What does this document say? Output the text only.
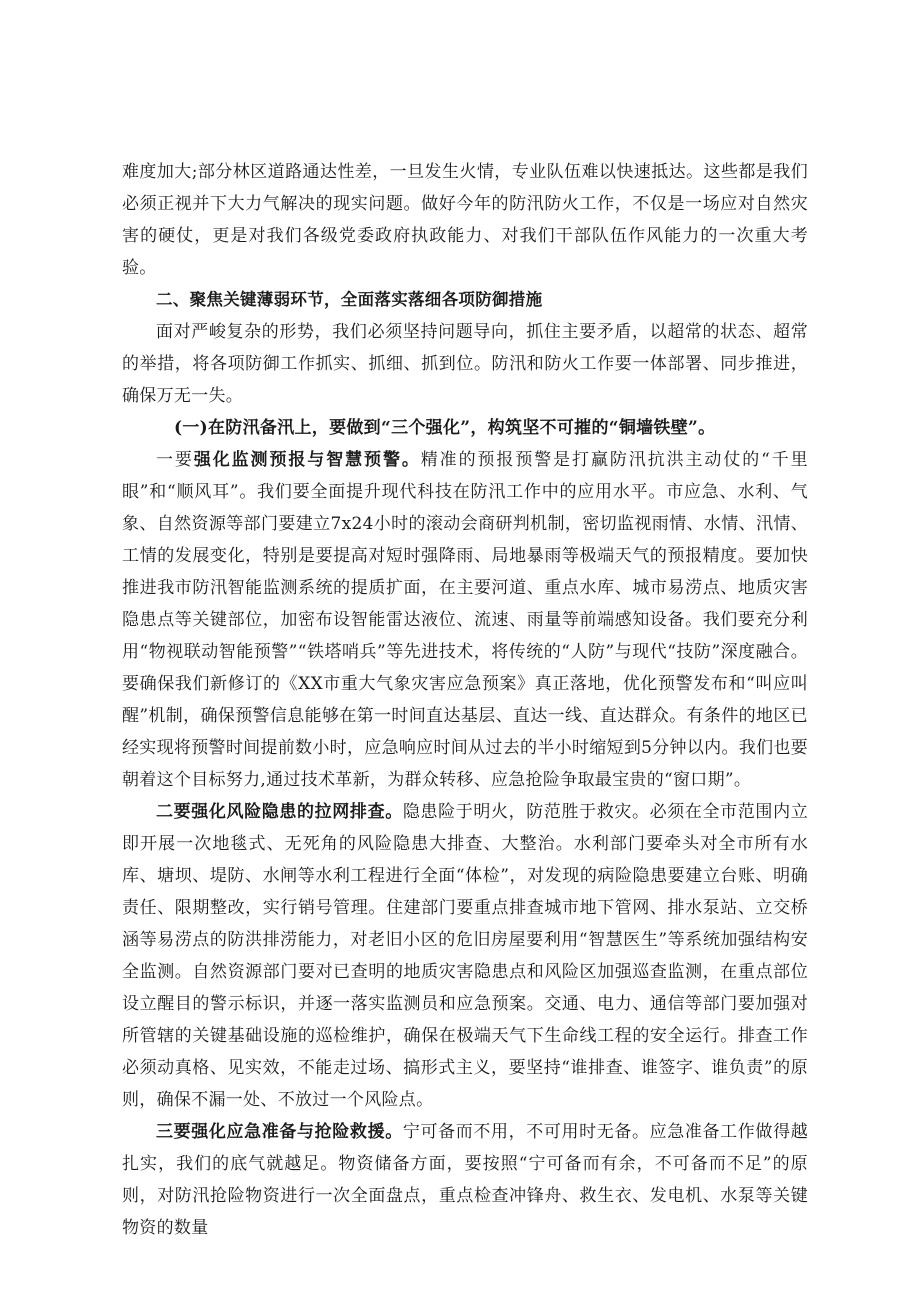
难度加大;部分林区道路通达性差，一旦发生火情，专业队伍难以快速抵达。这些都是我们必须正视并下大力气解决的现实问题。做好今年的防汛防火工作，不仅是一场应对自然灾害的硬仗，更是对我们各级党委政府执政能力、对我们干部队伍作风能力的一次重大考验。

二、聚焦关键薄弱环节，全面落实落细各项防御措施

面对严峻复杂的形势，我们必须坚持问题导向，抓住主要矛盾，以超常的状态、超常的举措，将各项防御工作抓实、抓细、抓到位。防汛和防火工作要一体部署、同步推进，确保万无一失。

(一)在防汛备汛上，要做到“三个强化”，构筑坚不可摧的“铜墙铁壁”。

一要强化监测预报与智慧预警。精准的预报预警是打赢防汛抗洪主动仗的“千里眼”和“顺风耳”。我们要全面提升现代科技在防汛工作中的应用水平。市应急、水利、气象、自然资源等部门要建立7x24小时的滚动会商研判机制，密切监视雨情、水情、汛情、工情的发展变化，特别是要提高对短时强降雨、局地暴雨等极端天气的预报精度。要加快推进我市防汛智能监测系统的提质扩面，在主要河道、重点水库、城市易涝点、地质灾害隐患点等关键部位，加密布设智能雷达液位、流速、雨量等前端感知设备。我们要充分利用“物视联动智能预警”“铁塔哨兵”等先进技术，将传统的“人防”与现代“技防”深度融合。要确保我们新修订的《XX市重大气象灾害应急预案》真正落地，优化预警发布和“叫应叫醒”机制，确保预警信息能够在第一时间直达基层、直达一线、直达群众。有条件的地区已经实现将预警时间提前数小时，应急响应时间从过去的半小时缩短到5分钟以内。我们也要朝着这个目标努力,通过技术革新，为群众转移、应急抢险争取最宝贵的“窗口期”。

二要强化风险隐患的拉网排查。隐患险于明火，防范胜于救灾。必须在全市范围内立即开展一次地毯式、无死角的风险隐患大排查、大整治。水利部门要牵头对全市所有水库、塘坝、堤防、水闸等水利工程进行全面“体检”，对发现的病险隐患要建立台账、明确责任、限期整改，实行销号管理。住建部门要重点排查城市地下管网、排水泵站、立交桥涵等易涝点的防洪排涝能力，对老旧小区的危旧房屋要利用“智慧医生”等系统加强结构安全监测。自然资源部门要对已查明的地质灾害隐患点和风险区加强巡查监测，在重点部位设立醒目的警示标识，并逐一落实监测员和应急预案。交通、电力、通信等部门要加强对所管辖的关键基础设施的巡检维护，确保在极端天气下生命线工程的安全运行。排查工作必须动真格、见实效，不能走过场、搞形式主义，要坚持“谁排查、谁签字、谁负责”的原则，确保不漏一处、不放过一个风险点。

三要强化应急准备与抢险救援。宁可备而不用，不可用时无备。应急准备工作做得越扎实，我们的底气就越足。物资储备方面，要按照“宁可备而有余，不可备而不足”的原则，对防汛抢险物资进行一次全面盘点，重点检查冲锋舟、救生衣、发电机、水泵等关键物资的数量
